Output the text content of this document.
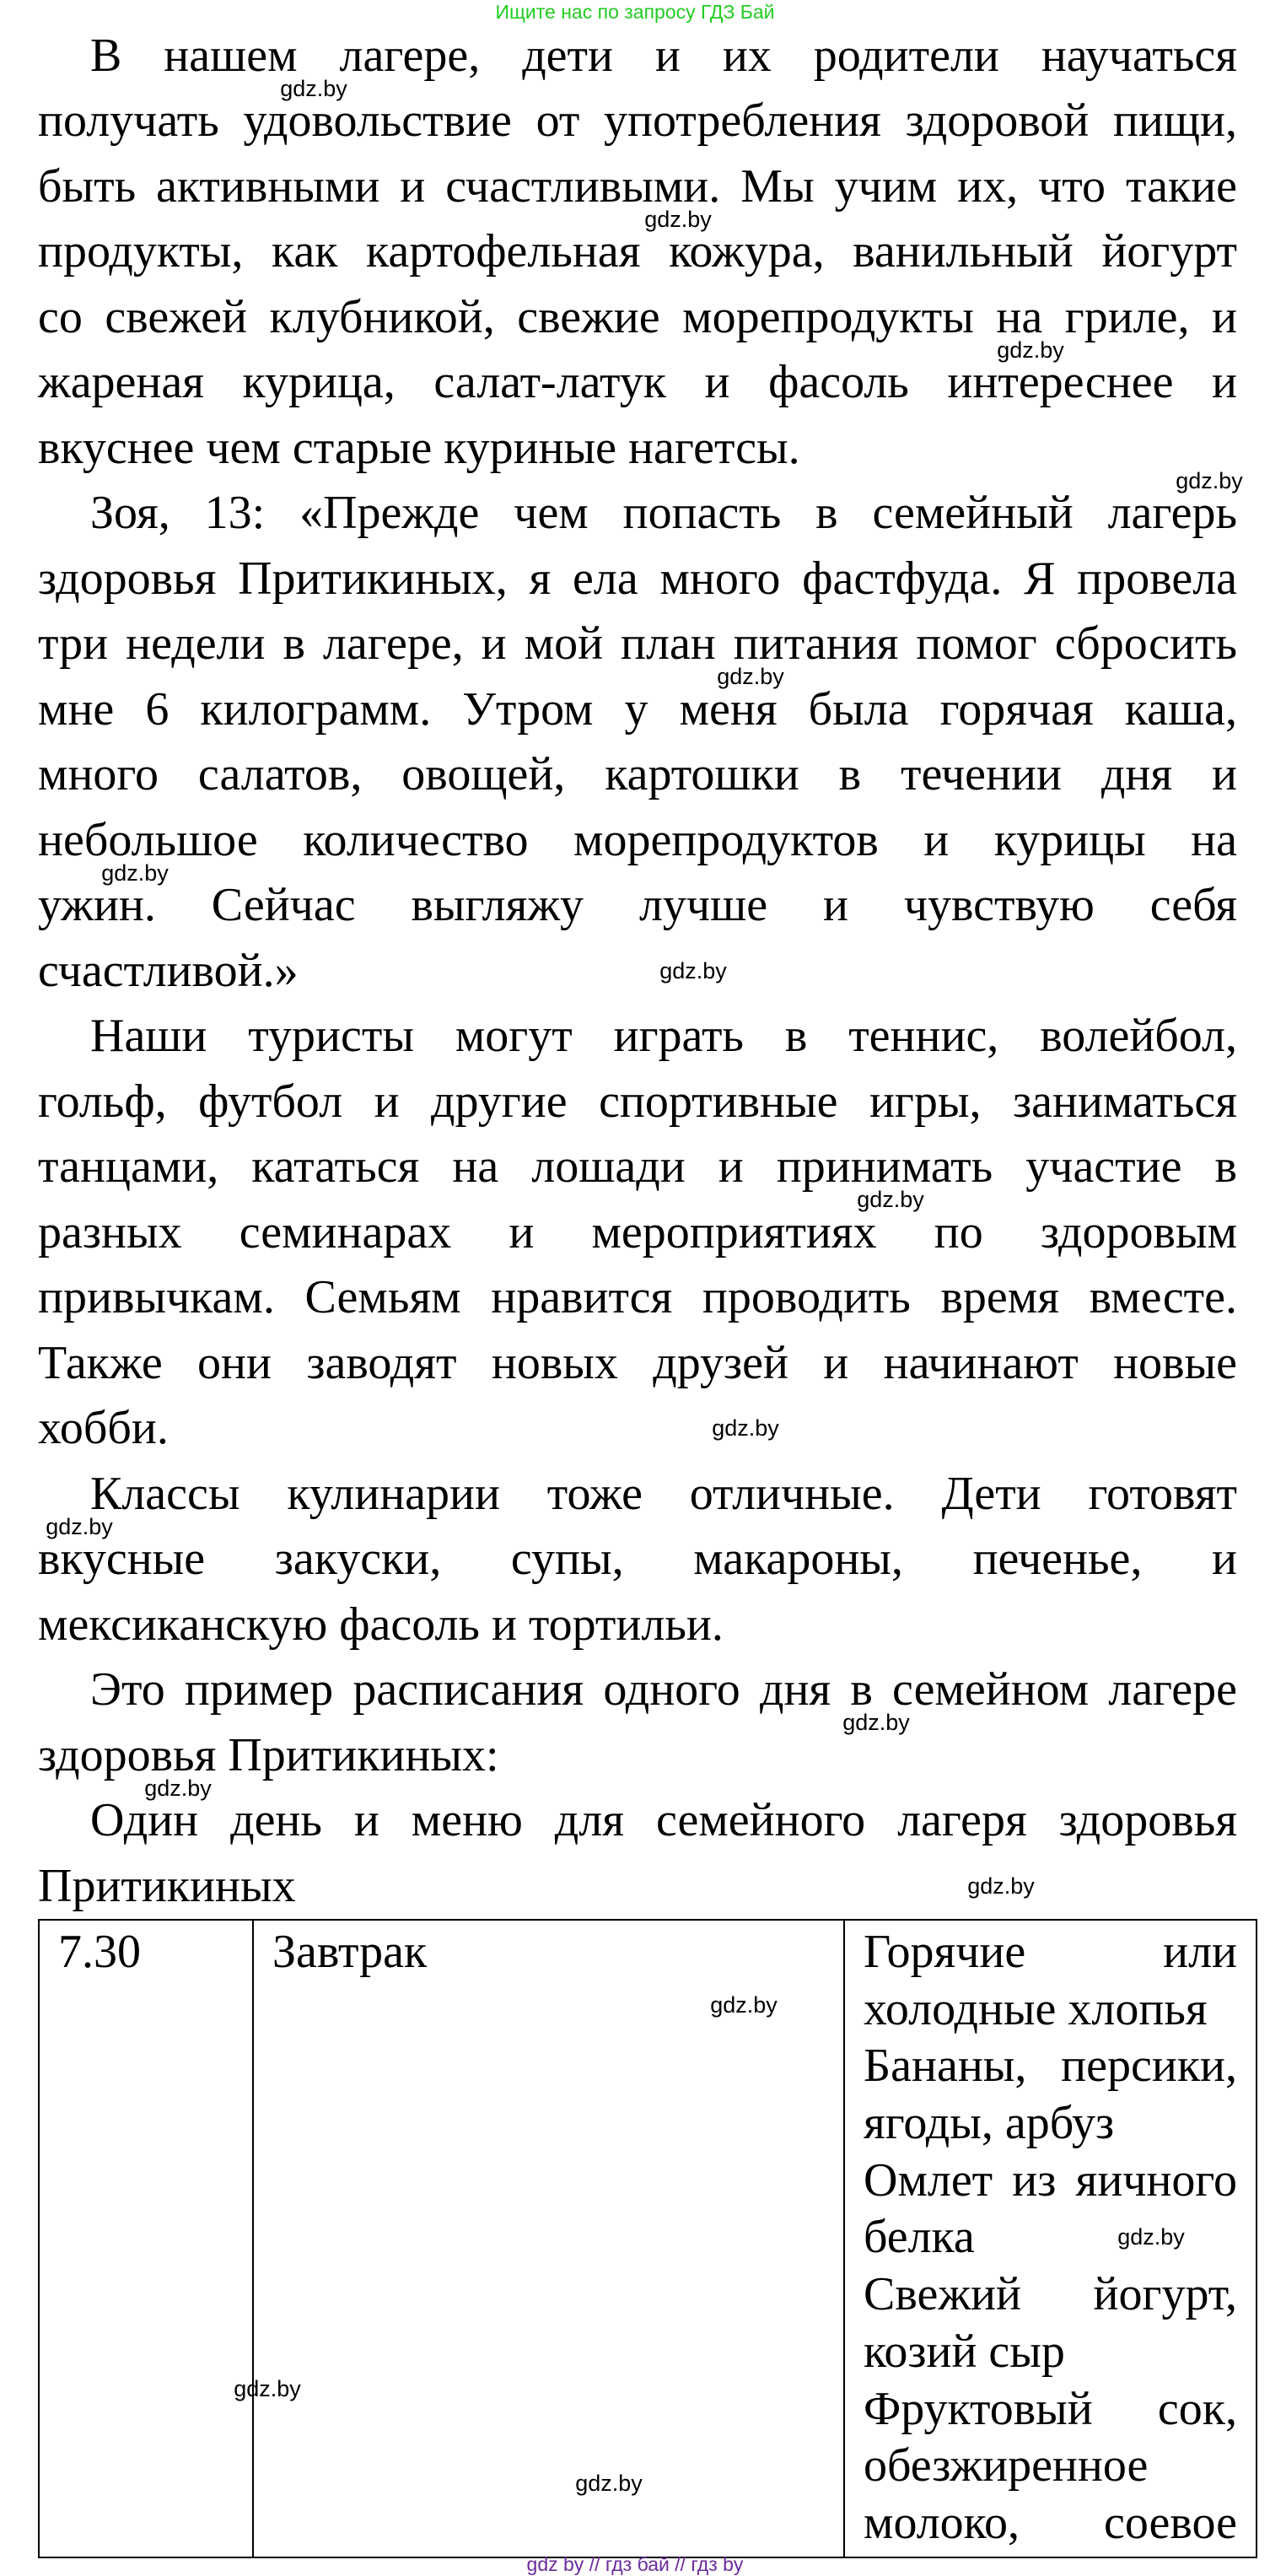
Ищите нас по запросу ГДЗ Бай
В нашем лагере, дети и их родители научаться
получать удовольствие от употребления здоровой пищи,
быть активными и счастливыми. Мы учим их, что такие
продукты, как картофельная кожура, ванильный йогурт
со свежей клубникой, свежие морепродукты на гриле, и
жареная курица, салат-латук и фасоль интереснее и
вкуснее чем старые куриные нагетсы.
Зоя, 13: «Прежде чем попасть в семейный лагерь
здоровья Притикиных, я ела много фастфуда. Я провела
три недели в лагере, и мой план питания помог сбросить
мне 6 килограмм. Утром у меня была горячая каша,
много салатов, овощей, картошки в течении дня и
небольшое количество морепродуктов и курицы на
ужин. Сейчас выгляжу лучше и чувствую себя
счастливой.»
Наши туристы могут играть в теннис, волейбол,
гольф, футбол и другие спортивные игры, заниматься
танцами, кататься на лошади и принимать участие в
разных семинарах и мероприятиях по здоровым
привычкам. Семьям нравится проводить время вместе.
Также они заводят новых друзей и начинают новые
хобби.
Классы кулинарии тоже отличные. Дети готовят
вкусные закуски, супы, макароны, печенье, и
мексиканскую фасоль и тортильи.
Это пример расписания одного дня в семейном лагере
здоровья Притикиных:
Один день и меню для семейного лагеря здоровья
Притикиных
7.30	Завтрак	Горячие или
холодные хлопья
Бананы, персики,
ягоды, арбуз
Омлет из яичного
белка
Свежий йогурт,
козий сыр
Фруктовый сок,
обезжиренное
молоко, соевое
gdz.by
gdz.by
gdz.by
gdz.by
gdz.by
gdz.by
gdz.by
gdz.by
gdz.by
gdz.by
gdz.by
gdz.by
gdz.by
gdz.by
gdz.by
gdz.by
gdz.by
gdz by // гдз бай // гдз by
